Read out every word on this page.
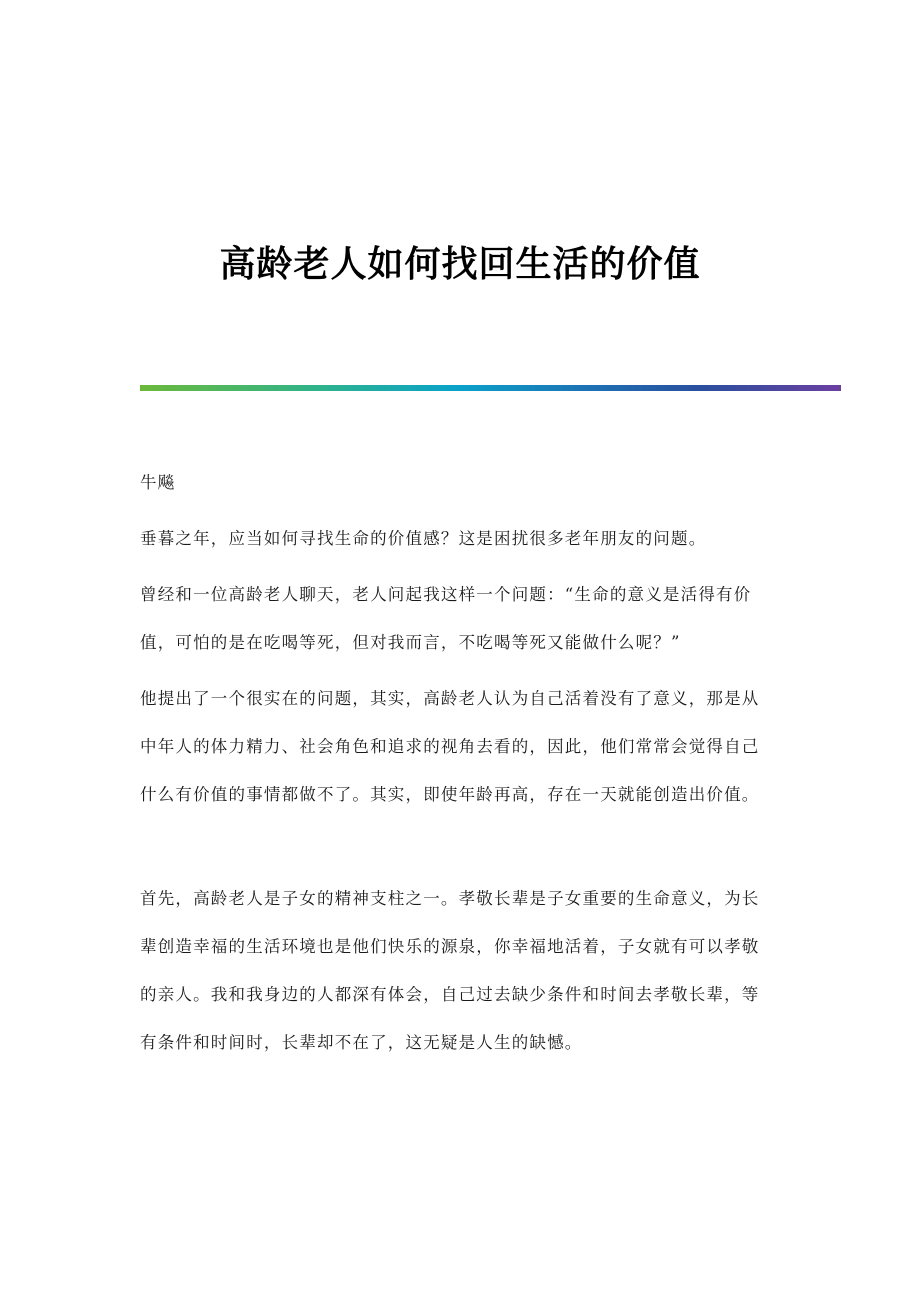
高龄老人如何找回生活的价值
牛飚

垂暮之年，应当如何寻找生命的价值感？这是困扰很多老年朋友的问题。

曾经和一位高龄老人聊天，老人问起我这样一个问题：“生命的意义是活得有价值，可怕的是在吃喝等死，但对我而言，不吃喝等死又能做什么呢？”

他提出了一个很实在的问题，其实，高龄老人认为自己活着没有了意义，那是从中年人的体力精力、社会角色和追求的视角去看的，因此，他们常常会觉得自己什么有价值的事情都做不了。其实，即使年龄再高，存在一天就能创造出价值。

首先，高龄老人是子女的精神支柱之一。孝敬长辈是子女重要的生命意义，为长辈创造幸福的生活环境也是他们快乐的源泉，你幸福地活着，子女就有可以孝敬的亲人。我和我身边的人都深有体会，自己过去缺少条件和时间去孝敬长辈，等有条件和时间时，长辈却不在了，这无疑是人生的缺憾。
